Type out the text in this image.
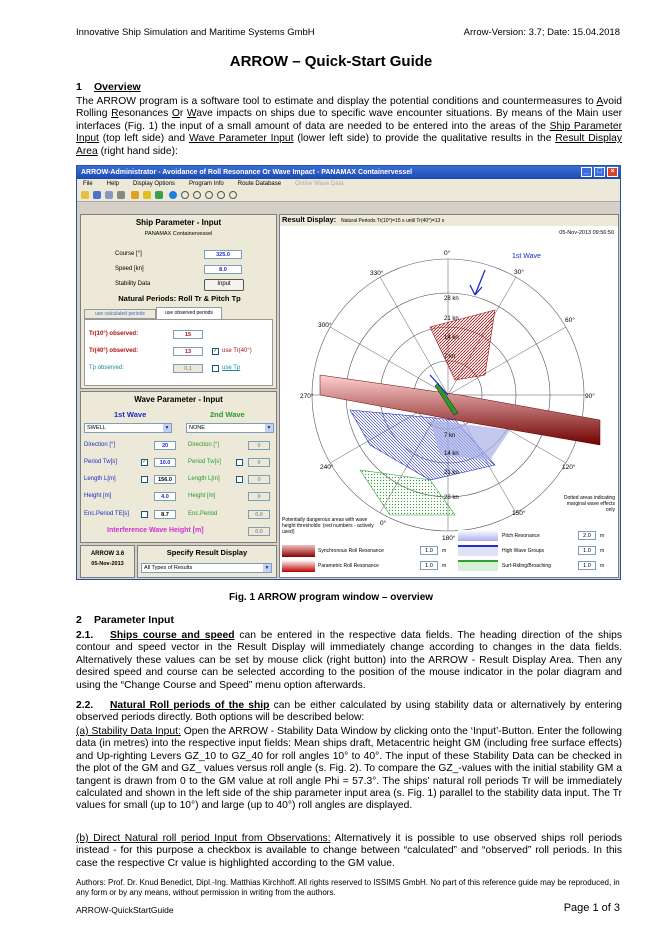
Innovative Ship Simulation and Maritime Systems GmbH	Arrow-Version: 3.7; Date: 15.04.2018
ARROW – Quick-Start Guide
1 Overview
The ARROW program is a software tool to estimate and display the potential conditions and countermeasures to Avoid Rolling Resonances Or Wave impacts on ships due to specific wave encounter situations. By means of the Main user interfaces (Fig. 1) the input of a small amount of data are needed to be entered into the areas of the Ship Parameter Input (top left side) and Wave Parameter Input (lower left side) to provide the qualitative results in the Result Display Area (right hand side):
ARROW-Administrator - Avoidance of Roll Resonance Or Wave Impact - PANAMAX Containervessel	_	□	×
File Help Display Options Program Info Route Database Online Wave Data
Ship Parameter - Input
PANAMAX Containervessel
Course [°]	325.0
Speed [kn]	8.0
Stability Data	Input
Natural Periods: Roll Tr & Pitch Tp
use calculated periods	use observed periods
Tr(10°) observed:	15
Tr(40°) observed:	13	✓ use Tr(40°)
Tp observed:	0.1	use Tp
Wave Parameter - Input
1st Wave	2nd Wave
SWELL ▼	NONE ▼
Direction [°]	20	Direction [°]	0
Period Tw[s]	✓	10.0	Period Tw[s]	0
Length L[m]	156.0	Length L[m]	0
Height [m]	4.0	Height [m]	0
Enc.Period TE[s]	8.7	Enc.Period	0.0
Interference Wave Height [m]	0.0
ARROW 3.6
05-Nov-2013
Specify Result Display
All Types of Results ▼
Result Display: Natural Periods Tr(10°)=15 s until Tr(40°)=13 s
05-Nov-2013 09:56:50
0°
30°
60°
90°
120°
150°
180°
240°
270°
300°
330°
0°
28 kn
21 kn
14 kn
7 kn
7 kn
14 kn
21 kn
28 kn
1st Wave
Potentially dangerous areas with wave height thresholds: (red numbers - actively used)
Dotted areas indicating marginal wave effects only
Synchronous Roll Resonance	1.0	m
Parametric Roll Resonance	1.0	m
Pitch Resonance	2.0	m
High Wave Groups	1.0	m
Surf-Riding/Broaching	1.0	m
Fig. 1 ARROW program window – overview
2 Parameter Input
2.1. Ships course and speed can be entered in the respective data fields. The heading direction of the ships contour and speed vector in the Result Display will immediately change according to changes in the data fields. Alternatively these values can be set by mouse click (right button) into the ARROW - Result Display Area. Then any desired speed and course can be selected according to the position of the mouse indicator in the polar diagram and using the “Change Course and Speed” menu option afterwards.
2.2. Natural Roll periods of the ship can be either calculated by using stability data or alternatively by entering observed periods directly. Both options will be described below:
(a) Stability Data Input: Open the ARROW - Stability Data Window by clicking onto the ‘Input’-Button. Enter the following data (in metres) into the respective input fields: Mean ships draft, Metacentric height GM (including free surface effects) and Up-righting Levers GZ_10 to GZ_40 for roll angles 10° to 40°. The input of these Stability Data can be checked in the plot of the GM and GZ_ values versus roll angle (s. Fig. 2). To compare the GZ_-values with the initial stability GM a tangent is drawn from 0 to the GM value at roll angle Phi = 57.3°. The ships’ natural roll periods Tr will be immediately calculated and shown in the left side of the ship parameter input area (s. Fig. 1) parallel to the stability data input. The Tr values for small (up to 10°) and large (up to 40°) roll angles are displayed.
(b) Direct Natural roll period Input from Observations: Alternatively it is possible to use observed ships roll periods instead - for this purpose a checkbox is available to change between “calculated” and “observed” roll periods. In this case the respective Cr value is highlighted according to the GM value.
Authors: Prof. Dr. Knud Benedict, Dipl.-Ing. Matthias Kirchhoff. All rights reserved to ISSIMS GmbH. No part of this reference guide may be reproduced, in any form or by any means, without permission in writing from the authors.
ARROW-QuickStartGuide	Page 1 of 3
